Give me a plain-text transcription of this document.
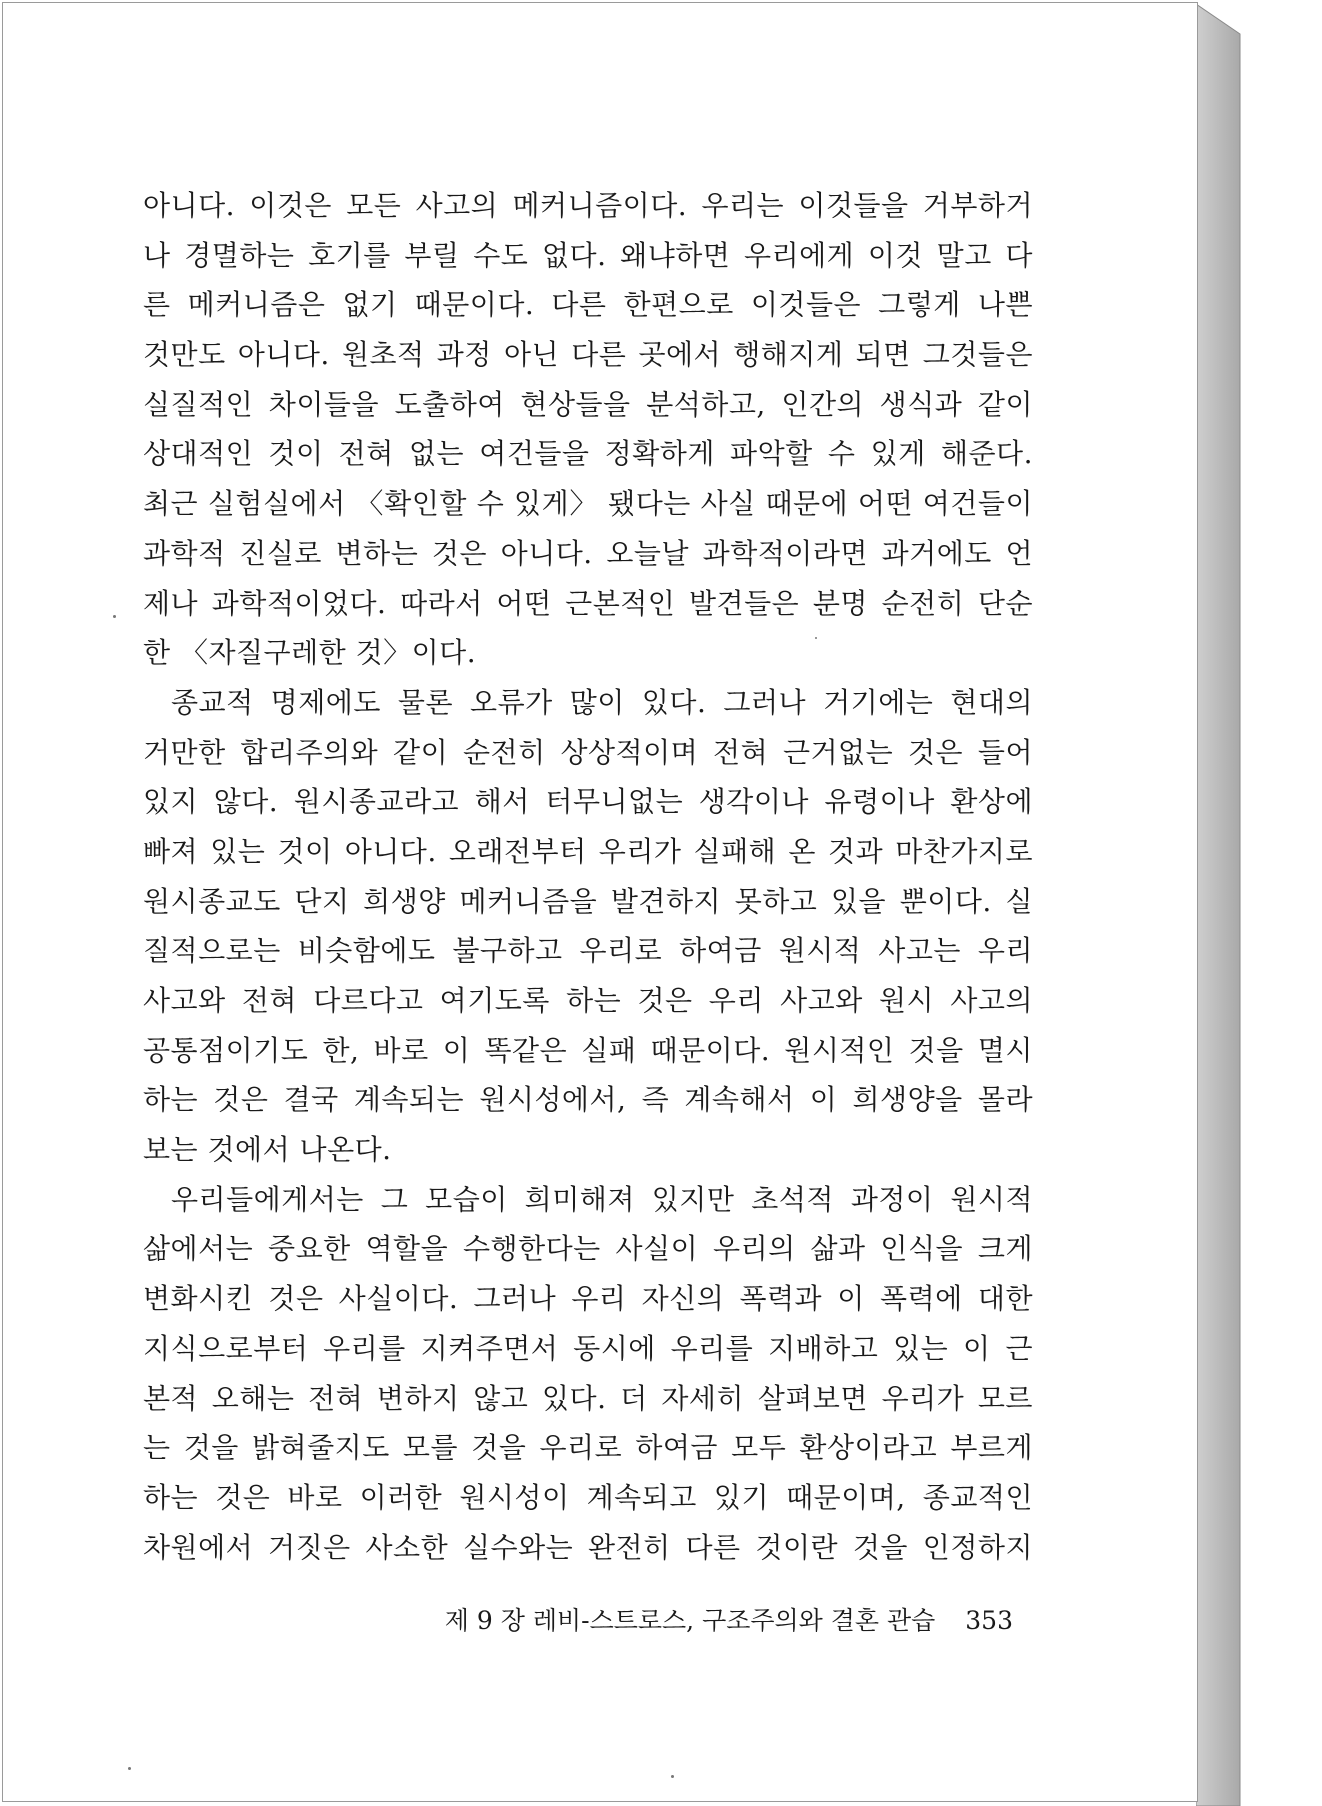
아니다. 이것은 모든 사고의 메커니즘이다. 우리는 이것들을 거부하거
나 경멸하는 호기를 부릴 수도 없다. 왜냐하면 우리에게 이것 말고 다
른 메커니즘은 없기 때문이다. 다른 한편으로 이것들은 그렇게 나쁜
것만도 아니다. 원초적 과정 아닌 다른 곳에서 행해지게 되면 그것들은
실질적인 차이들을 도출하여 현상들을 분석하고, 인간의 생식과 같이
상대적인 것이 전혀 없는 여건들을 정확하게 파악할 수 있게 해준다.
최근 실험실에서 〈확인할 수 있게〉 됐다는 사실 때문에 어떤 여건들이
과학적 진실로 변하는 것은 아니다. 오늘날 과학적이라면 과거에도 언
제나 과학적이었다. 따라서 어떤 근본적인 발견들은 분명 순전히 단순
한 〈자질구레한 것〉이다.
종교적 명제에도 물론 오류가 많이 있다. 그러나 거기에는 현대의
거만한 합리주의와 같이 순전히 상상적이며 전혀 근거없는 것은 들어
있지 않다. 원시종교라고 해서 터무니없는 생각이나 유령이나 환상에
빠져 있는 것이 아니다. 오래전부터 우리가 실패해 온 것과 마찬가지로
원시종교도 단지 희생양 메커니즘을 발견하지 못하고 있을 뿐이다. 실
질적으로는 비슷함에도 불구하고 우리로 하여금 원시적 사고는 우리
사고와 전혀 다르다고 여기도록 하는 것은 우리 사고와 원시 사고의
공통점이기도 한, 바로 이 똑같은 실패 때문이다. 원시적인 것을 멸시
하는 것은 결국 계속되는 원시성에서, 즉 계속해서 이 희생양을 몰라
보는 것에서 나온다.
우리들에게서는 그 모습이 희미해져 있지만 초석적 과정이 원시적
삶에서는 중요한 역할을 수행한다는 사실이 우리의 삶과 인식을 크게
변화시킨 것은 사실이다. 그러나 우리 자신의 폭력과 이 폭력에 대한
지식으로부터 우리를 지켜주면서 동시에 우리를 지배하고 있는 이 근
본적 오해는 전혀 변하지 않고 있다. 더 자세히 살펴보면 우리가 모르
는 것을 밝혀줄지도 모를 것을 우리로 하여금 모두 환상이라고 부르게
하는 것은 바로 이러한 원시성이 계속되고 있기 때문이며, 종교적인
차원에서 거짓은 사소한 실수와는 완전히 다른 것이란 것을 인정하지
제 9 장 레비-스트로스, 구조주의와 결혼 관습 353
